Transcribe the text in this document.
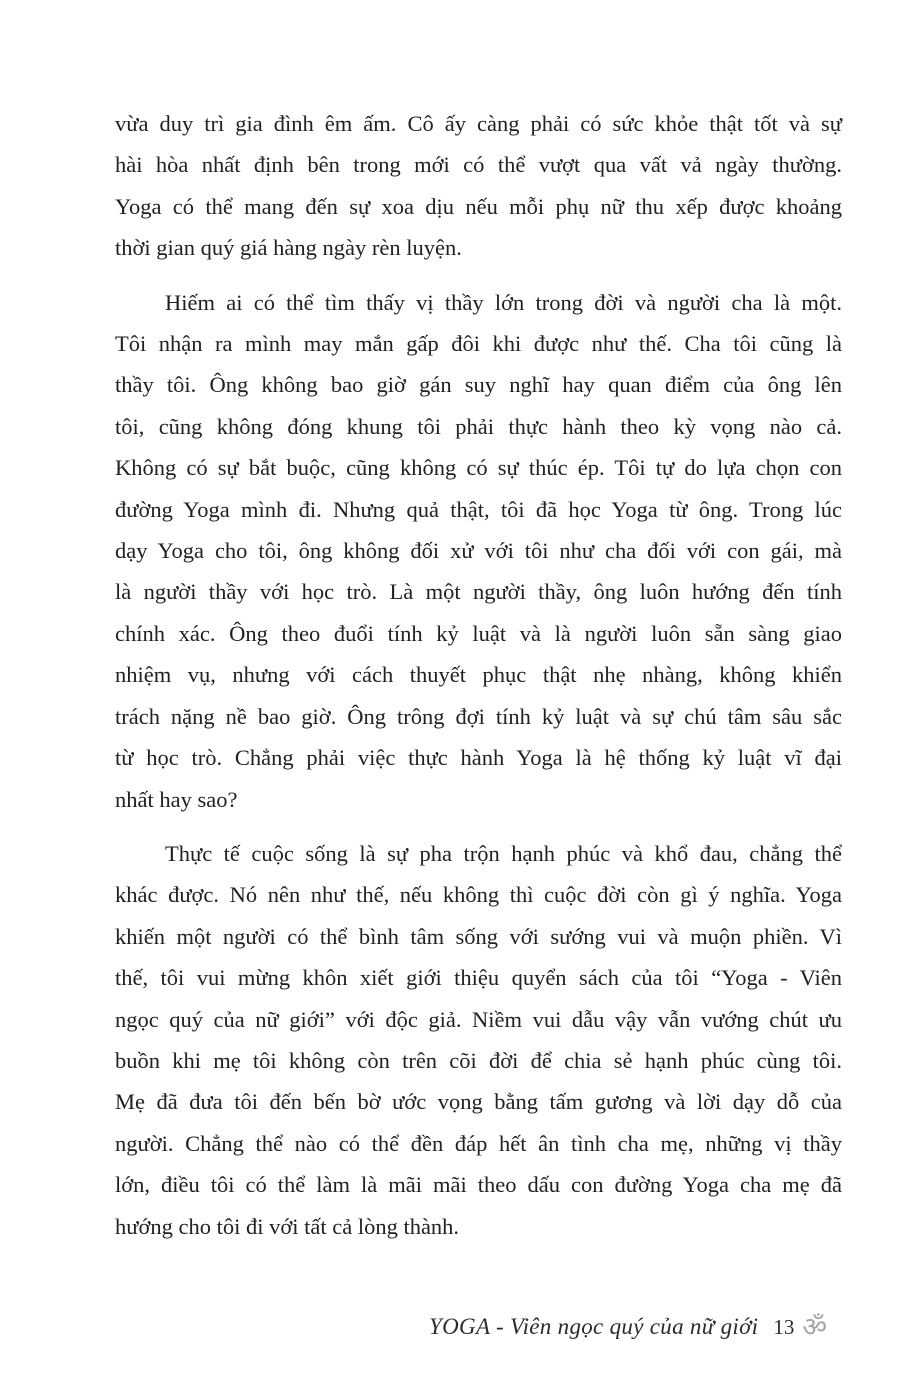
vừa duy trì gia đình êm ấm. Cô ấy càng phải có sức khỏe thật tốt và sự
hài hòa nhất định bên trong mới có thể vượt qua vất vả ngày thường.
Yoga có thể mang đến sự xoa dịu nếu mỗi phụ nữ thu xếp được khoảng
thời gian quý giá hàng ngày rèn luyện.
Hiếm ai có thể tìm thấy vị thầy lớn trong đời và người cha là một.
Tôi nhận ra mình may mắn gấp đôi khi được như thế. Cha tôi cũng là
thầy tôi. Ông không bao giờ gán suy nghĩ hay quan điểm của ông lên
tôi, cũng không đóng khung tôi phải thực hành theo kỳ vọng nào cả.
Không có sự bắt buộc, cũng không có sự thúc ép. Tôi tự do lựa chọn con
đường Yoga mình đi. Nhưng quả thật, tôi đã học Yoga từ ông. Trong lúc
dạy Yoga cho tôi, ông không đối xử với tôi như cha đối với con gái, mà
là người thầy với học trò. Là một người thầy, ông luôn hướng đến tính
chính xác. Ông theo đuổi tính kỷ luật và là người luôn sẵn sàng giao
nhiệm vụ, nhưng với cách thuyết phục thật nhẹ nhàng, không khiển
trách nặng nề bao giờ. Ông trông đợi tính kỷ luật và sự chú tâm sâu sắc
từ học trò. Chẳng phải việc thực hành Yoga là hệ thống kỷ luật vĩ đại
nhất hay sao?
Thực tế cuộc sống là sự pha trộn hạnh phúc và khổ đau, chẳng thể
khác được. Nó nên như thế, nếu không thì cuộc đời còn gì ý nghĩa. Yoga
khiến một người có thể bình tâm sống với sướng vui và muộn phiền. Vì
thế, tôi vui mừng khôn xiết giới thiệu quyển sách của tôi “Yoga - Viên
ngọc quý của nữ giới” với độc giả. Niềm vui dẫu vậy vẫn vướng chút ưu
buồn khi mẹ tôi không còn trên cõi đời để chia sẻ hạnh phúc cùng tôi.
Mẹ đã đưa tôi đến bến bờ ước vọng bằng tấm gương và lời dạy dỗ của
người. Chẳng thể nào có thể đền đáp hết ân tình cha mẹ, những vị thầy
lớn, điều tôi có thể làm là mãi mãi theo dấu con đường Yoga cha mẹ đã
hướng cho tôi đi với tất cả lòng thành.
YOGA - Viên ngọc quý của nữ giới 13 ॐ
